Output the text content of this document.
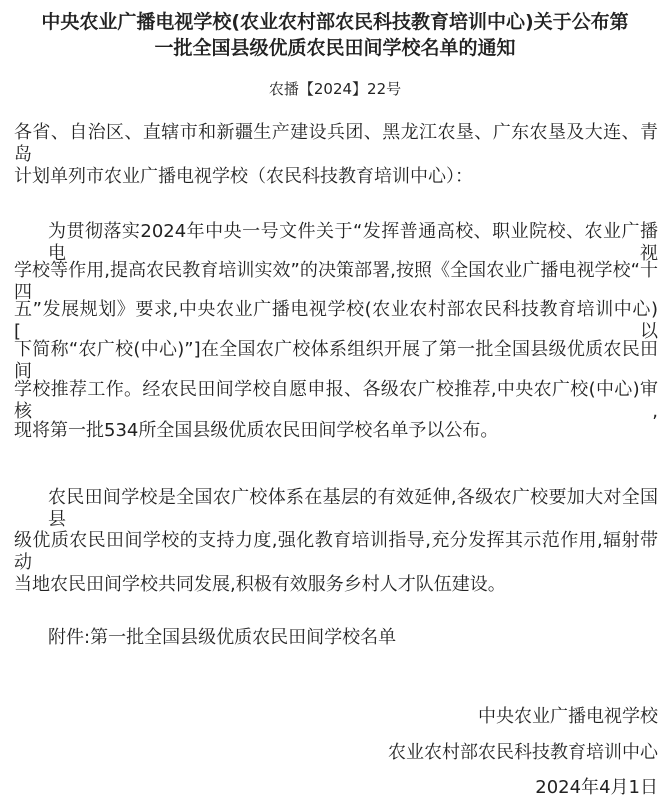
中央农业广播电视学校(农业农村部农民科技教育培训中心)关于公布第
一批全国县级优质农民田间学校名单的通知
农播【2024】22号
各省、自治区、直辖市和新疆生产建设兵团、黑龙江农垦、广东农垦及大连、青岛
计划单列市农业广播电视学校（农民科技教育培训中心）：
为贯彻落实2024年中央一号文件关于“发挥普通高校、职业院校、农业广播电视
学校等作用,提高农民教育培训实效”的决策部署,按照《全国农业广播电视学校“十四
五”发展规划》要求,中央农业广播电视学校(农业农村部农民科技教育培训中心)[以
下简称“农广校(中心)”]在全国农广校体系组织开展了第一批全国县级优质农民田间
学校推荐工作。经农民田间学校自愿申报、各级农广校推荐,中央农广校(中心)审核,
现将第一批534所全国县级优质农民田间学校名单予以公布。
农民田间学校是全国农广校体系在基层的有效延伸,各级农广校要加大对全国县
级优质农民田间学校的支持力度,强化教育培训指导,充分发挥其示范作用,辐射带动
当地农民田间学校共同发展,积极有效服务乡村人才队伍建设。
附件:第一批全国县级优质农民田间学校名单
中央农业广播电视学校
农业农村部农民科技教育培训中心
2024年4月1日
